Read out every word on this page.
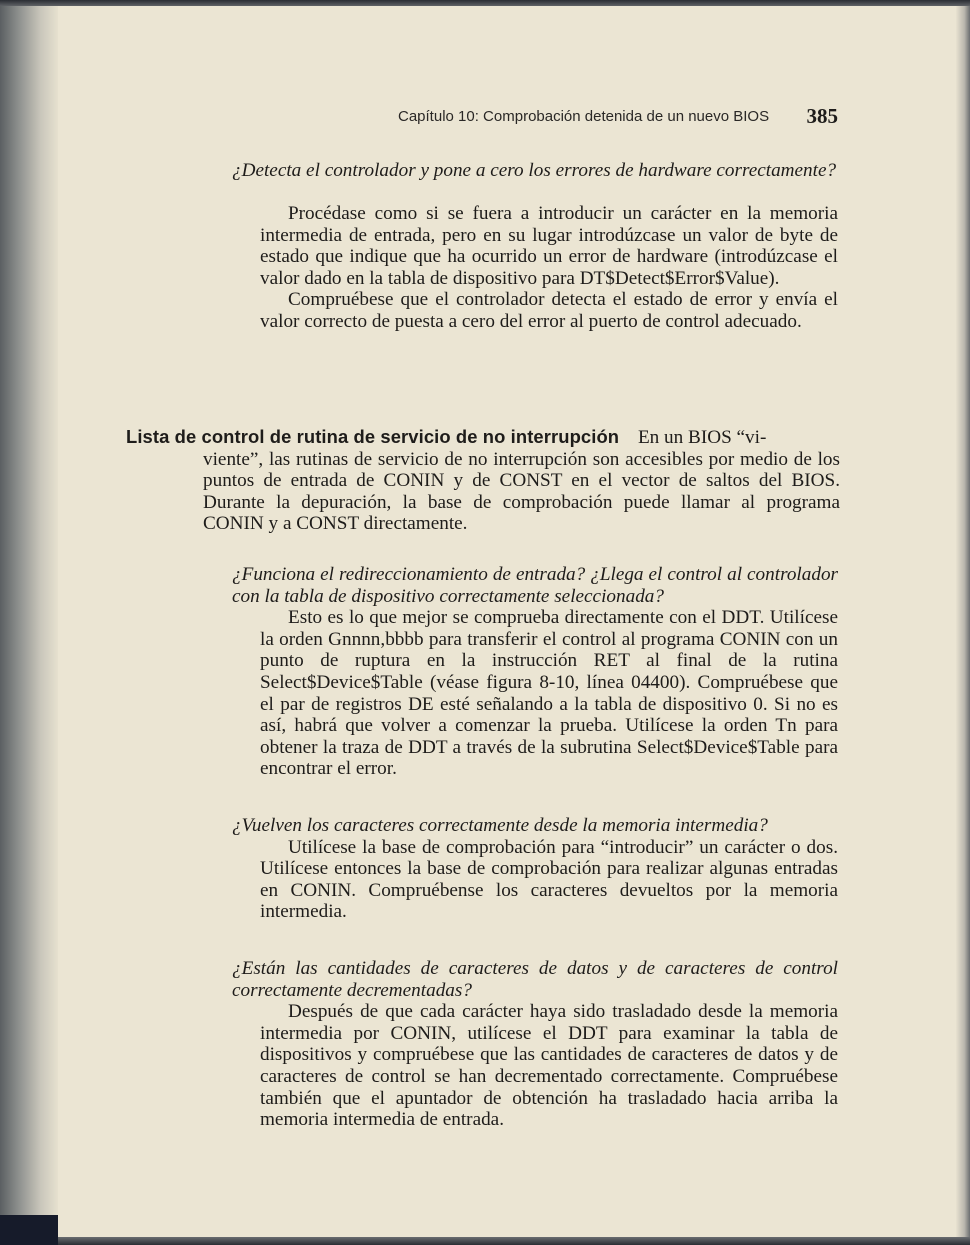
Capítulo 10: Comprobación detenida de un nuevo BIOS 385

¿Detecta el controlador y pone a cero los errores de hardware correctamente?

Procédase como si se fuera a introducir un carácter en la memoria intermedia de entrada, pero en su lugar introdúzcase un valor de byte de estado que indique que ha ocurrido un error de hardware (introdúzcase el valor dado en la tabla de dispositivo para DT$Detect$Error$Value).

Compruébese que el controlador detecta el estado de error y envía el valor correcto de puesta a cero del error al puerto de control adecuado.

Lista de control de rutina de servicio de no interrupción En un BIOS “vi-
viente”, las rutinas de servicio de no interrupción son accesibles por medio de los puntos de entrada de CONIN y de CONST en el vector de saltos del BIOS. Durante la depuración, la base de comprobación puede llamar al programa CONIN y a CONST directamente.

¿Funciona el redireccionamiento de entrada? ¿Llega el control al controlador con la tabla de dispositivo correctamente seleccionada?

Esto es lo que mejor se comprueba directamente con el DDT. Utilícese la orden Gnnnn,bbbb para transferir el control al programa CONIN con un punto de ruptura en la instrucción RET al final de la rutina Select$Device$Table (véase figura 8-10, línea 04400). Compruébese que el par de registros DE esté señalando a la tabla de dispositivo 0. Si no es así, habrá que volver a comenzar la prueba. Utilícese la orden Tn para obtener la traza de DDT a través de la subrutina Select$Device$Table para encontrar el error.

¿Vuelven los caracteres correctamente desde la memoria intermedia?

Utilícese la base de comprobación para “introducir” un carácter o dos. Utilícese entonces la base de comprobación para realizar algunas entradas en CONIN. Compruébense los caracteres devueltos por la memoria intermedia.

¿Están las cantidades de caracteres de datos y de caracteres de control correctamente decrementadas?

Después de que cada carácter haya sido trasladado desde la memoria intermedia por CONIN, utilícese el DDT para examinar la tabla de dispositivos y compruébese que las cantidades de caracteres de datos y de caracteres de control se han decrementado correctamente. Compruébese también que el apuntador de obtención ha trasladado hacia arriba la memoria intermedia de entrada.
